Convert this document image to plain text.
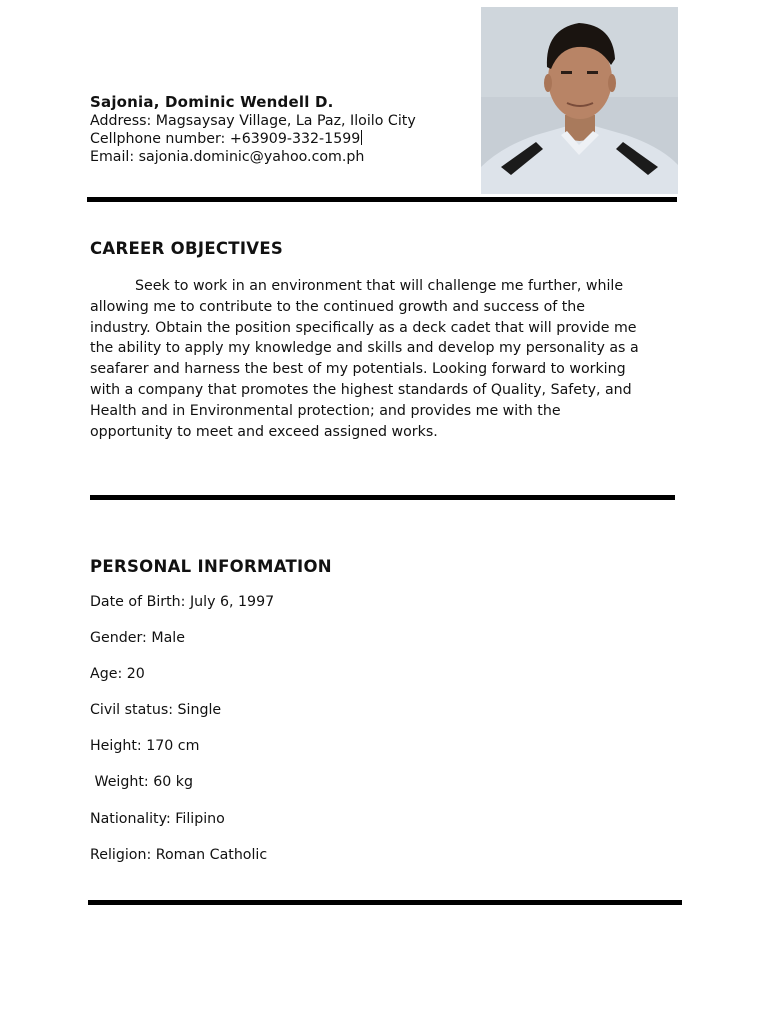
Sajonia, Dominic Wendell D.
Address: Magsaysay Village, La Paz, Iloilo City
Cellphone number: +63909-332-1599
Email: sajonia.dominic@yahoo.com.ph
CAREER OBJECTIVES
Seek to work in an environment that will challenge me further, while
allowing me to contribute to the continued growth and success of the
industry. Obtain the position specifically as a deck cadet that will provide me
the ability to apply my knowledge and skills and develop my personality as a
seafarer and harness the best of my potentials. Looking forward to working
with a company that promotes the highest standards of Quality, Safety, and
Health and in Environmental protection; and provides me with the
opportunity to meet and exceed assigned works.
PERSONAL INFORMATION
Date of Birth: July 6, 1997
Gender: Male
Age: 20
Civil status: Single
Height: 170 cm
Weight: 60 kg
Nationality: Filipino
Religion: Roman Catholic
